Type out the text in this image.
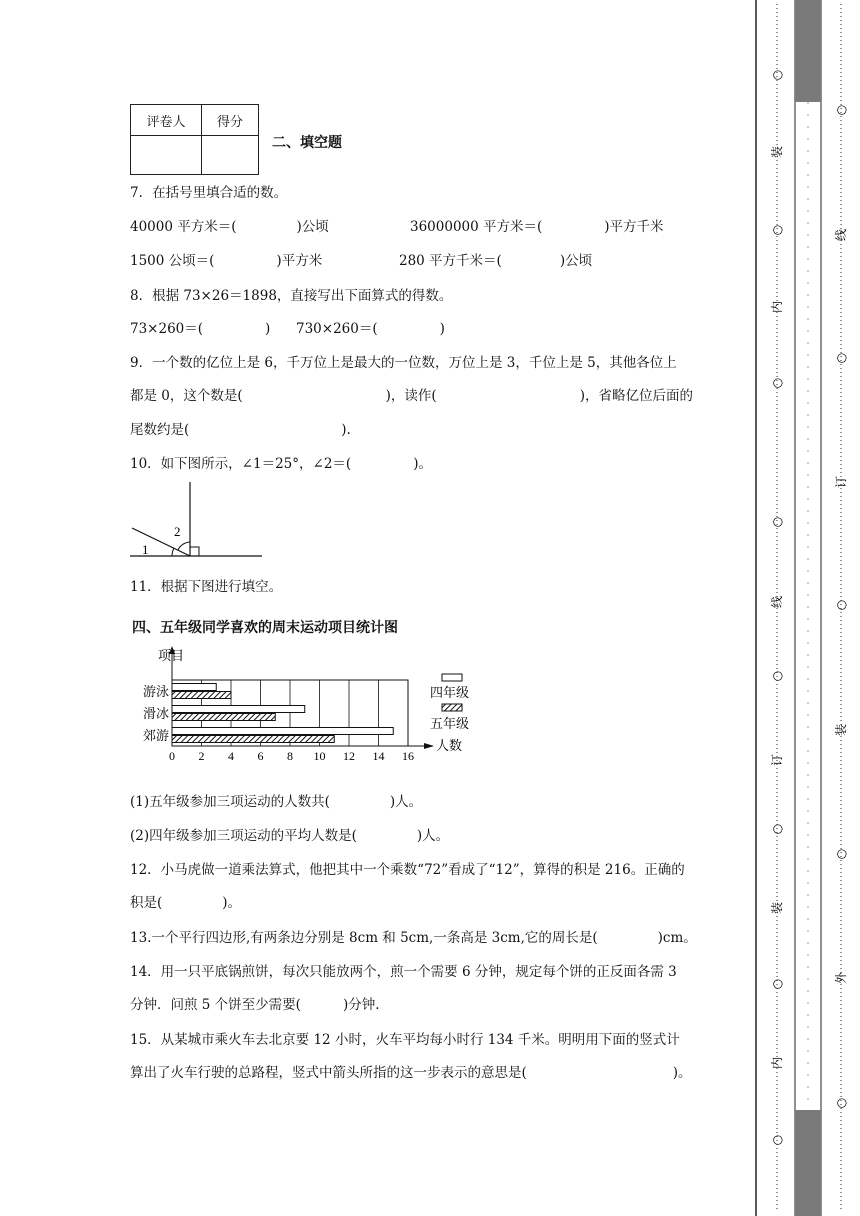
评卷人	得分

二、填空题
7．在括号里填合适的数。
40000 平方米＝(	)公顷	36000000 平方米＝(	)平方千米
1500 公顷＝(	)平方米	280 平方千米＝(	)公顷
8．根据 73×26＝1898，直接写出下面算式的得数。
73×260＝(	) 730×260＝(	)
9．一个数的亿位上是 6，千万位上是最大的一位数，万位上是 3，千位上是 5，其他各位上
都是 0，这个数是(	)，读作(	)，省略亿位后面的
尾数约是(	).
10．如下图所示，∠1＝25°，∠2＝(	)。
1
2
11．根据下图进行填空。
四、五年级同学喜欢的周末运动项目统计图
游泳
滑冰
郊游
0 2 4 6 8 10 12 14 16
项目
人数
四年级
五年级
(1)五年级参加三项运动的人数共(	)人。
(2)四年级参加三项运动的平均人数是(	)人。
12．小马虎做一道乘法算式，他把其中一个乘数“72”看成了“12”，算得的积是 216。正确的
积是(	)。
13.一个平行四边形,有两条边分别是 8cm 和 5cm,一条高是 3cm,它的周长是(	)cm。
14．用一只平底锅煎饼，每次只能放两个，煎一个需要 6 分钟，规定每个饼的正反面各需 3
分钟．问煎 5 个饼至少需要(	)分钟.
15．从某城市乘火车去北京要 12 小时，火车平均每小时行 134 千米。明明用下面的竖式计
算出了火车行驶的总路程，竖式中箭头所指的这一步表示的意思是(	)。
○
○
○
○
○
○
○
○
装
内
线
订
装
内
○
○
○
○
○
线
订
装
外
